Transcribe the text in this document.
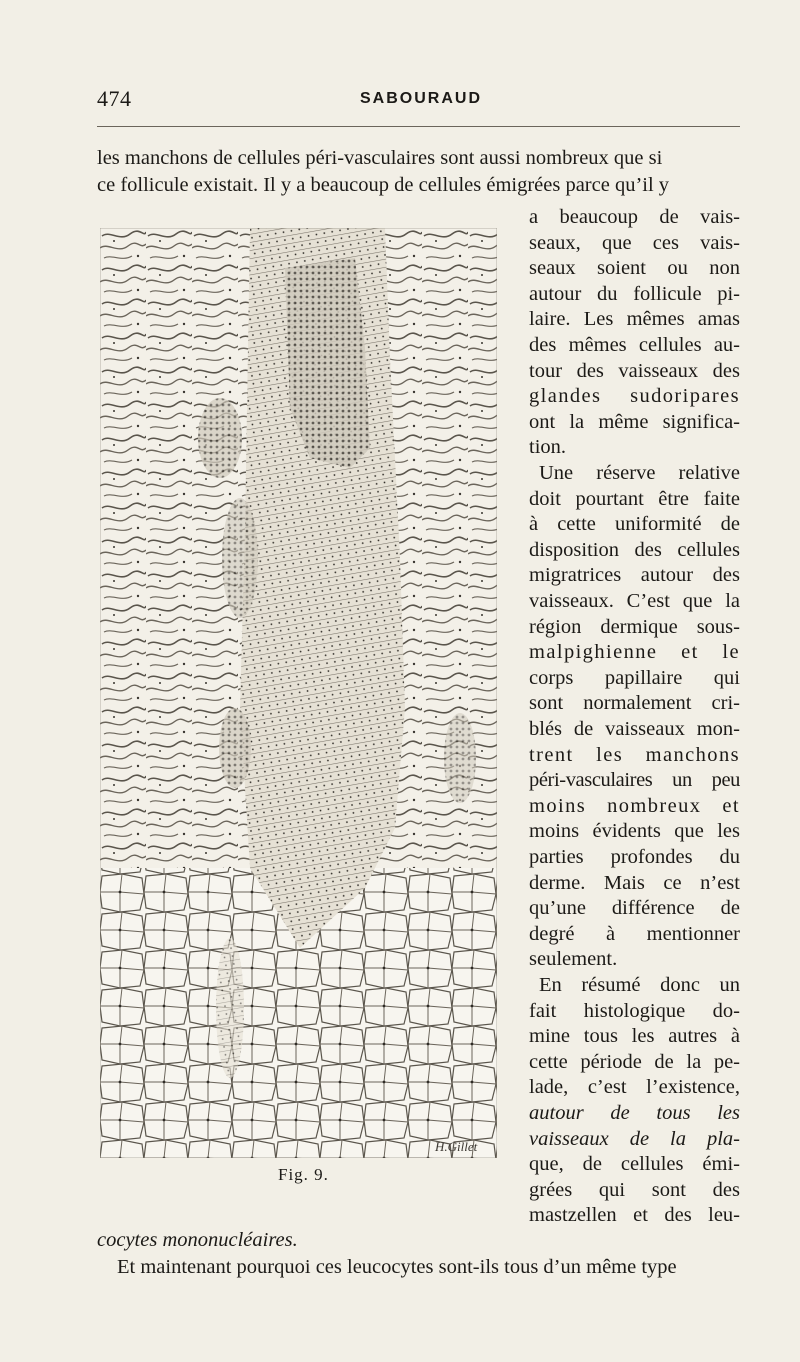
474	SABOURAUD
les manchons de cellules péri-vasculaires sont aussi nombreux que si
ce follicule existait. Il y a beaucoup de cellules émigrées parce qu’il y
a beaucoup de vais-
seaux, que ces vais-
seaux soient ou non
autour du follicule pi-
laire. Les mêmes amas
des mêmes cellules au-
tour des vaisseaux des
glandes sudoripares
ont la même significa-
tion.
Une réserve relative
doit pourtant être faite
à cette uniformité de
disposition des cellules
migratrices autour des
vaisseaux. C’est que la
région dermique sous-
malpighienne et le
corps papillaire qui
sont normalement cri-
blés de vaisseaux mon-
trent les manchons
péri-vasculaires un peu
moins nombreux et
moins évidents que les
parties profondes du
derme. Mais ce n’est
qu’une différence de
degré à mentionner
seulement.
En résumé donc un
fait histologique do-
mine tous les autres à
cette période de la pe-
lade, c’est l’existence,
autour de tous les
vaisseaux de la pla-
que, de cellules émi-
grées qui sont des
mastzellen et des leu-
H.Gillet
Fig. 9.
cocytes mononucléaires.
Et maintenant pourquoi ces leucocytes sont-ils tous d’un même type
